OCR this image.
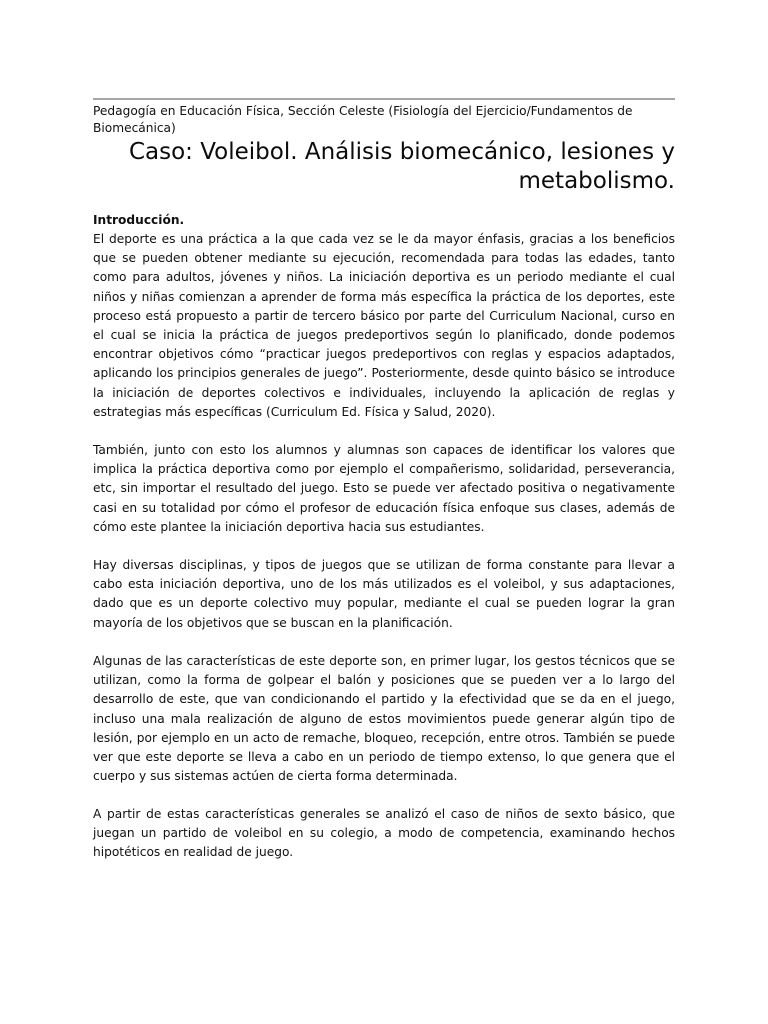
Pedagogía en Educación Física, Sección Celeste (Fisiología del Ejercicio/Fundamentos de Biomecánica)
Caso: Voleibol. Análisis biomecánico, lesiones y metabolismo.
Introducción.

El deporte es una práctica a la que cada vez se le da mayor énfasis, gracias a los beneficios que se pueden obtener mediante su ejecución, recomendada para todas las edades, tanto como para adultos, jóvenes y niños. La iniciación deportiva es un periodo mediante el cual niños y niñas comienzan a aprender de forma más específica la práctica de los deportes, este proceso está propuesto a partir de tercero básico por parte del Curriculum Nacional, curso en el cual se inicia la práctica de juegos predeportivos según lo planificado, donde podemos encontrar objetivos cómo “practicar juegos predeportivos con reglas y espacios adaptados, aplicando los principios generales de juego”. Posteriormente, desde quinto básico se introduce la iniciación de deportes colectivos e individuales, incluyendo la aplicación de reglas y estrategias más específicas (Curriculum Ed. Física y Salud, 2020).

También, junto con esto los alumnos y alumnas son capaces de identificar los valores que implica la práctica deportiva como por ejemplo el compañerismo, solidaridad, perseverancia, etc, sin importar el resultado del juego. Esto se puede ver afectado positiva o negativamente casi en su totalidad por cómo el profesor de educación física enfoque sus clases, además de cómo este plantee la iniciación deportiva hacia sus estudiantes.

Hay diversas disciplinas, y tipos de juegos que se utilizan de forma constante para llevar a cabo esta iniciación deportiva, uno de los más utilizados es el voleibol, y sus adaptaciones, dado que es un deporte colectivo muy popular, mediante el cual se pueden lograr la gran mayoría de los objetivos que se buscan en la planificación.

Algunas de las características de este deporte son, en primer lugar, los gestos técnicos que se utilizan, como la forma de golpear el balón y posiciones que se pueden ver a lo largo del desarrollo de este, que van condicionando el partido y la efectividad que se da en el juego, incluso una mala realización de alguno de estos movimientos puede generar algún tipo de lesión, por ejemplo en un acto de remache, bloqueo, recepción, entre otros. También se puede ver que este deporte se lleva a cabo en un periodo de tiempo extenso, lo que genera que el cuerpo y sus sistemas actúen de cierta forma determinada.

A partir de estas características generales se analizó el caso de niños de sexto básico, que juegan un partido de voleibol en su colegio, a modo de competencia, examinando hechos hipotéticos en realidad de juego.
